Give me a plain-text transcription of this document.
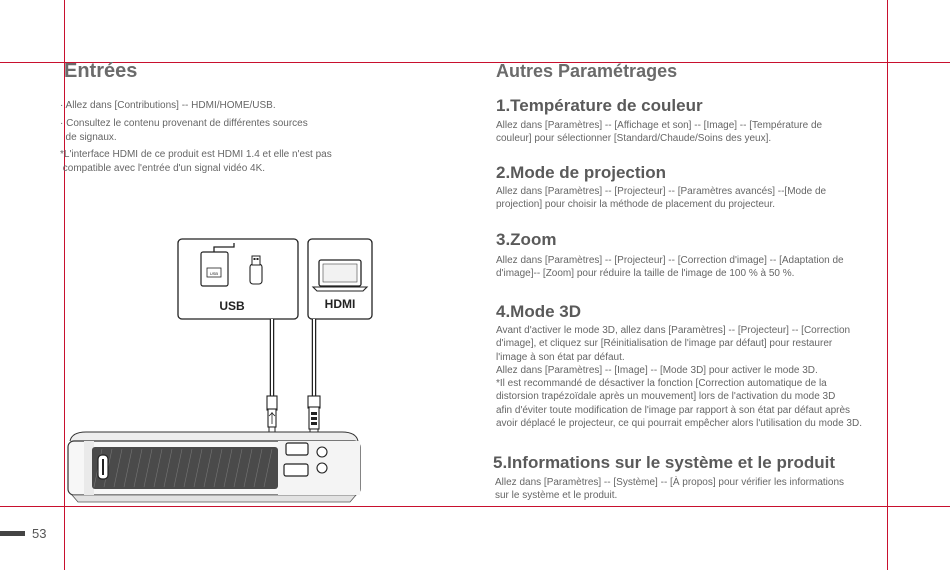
Entrées
· Allez dans [Contributions] -- HDMI/HOME/USB.
· Consultez le contenu provenant de différentes sources
de signaux.
*L'interface HDMI de ce produit est HDMI 1.4 et elle n'est pas
compatible avec l'entrée d'un signal vidéo 4K.
USB
USB	HDMI
Autres Paramétrages
1.Température de couleur
Allez dans [Paramètres] -- [Affichage et son] -- [Image] -- [Température de
couleur] pour sélectionner [Standard/Chaude/Soins des yeux].
2.Mode de projection
Allez dans [Paramètres] -- [Projecteur] -- [Paramètres avancés] --[Mode de
projection] pour choisir la méthode de placement du projecteur.
3.Zoom
Allez dans [Paramètres] -- [Projecteur] -- [Correction d'image] -- [Adaptation de
d'image]-- [Zoom] pour réduire la taille de l'image de 100 % à 50 %.
4.Mode 3D
Avant d'activer le mode 3D, allez dans [Paramètres] -- [Projecteur] -- [Correction
d'image], et cliquez sur [Réinitialisation de l'image par défaut] pour restaurer
l'image à son état par défaut.
Allez dans [Paramètres] -- [Image] -- [Mode 3D] pour activer le mode 3D.
*Il est recommandé de désactiver la fonction [Correction automatique de la
distorsion trapézoïdale après un mouvement] lors de l'activation du mode 3D
afin d'éviter toute modification de l'image par rapport à son état par défaut après
avoir déplacé le projecteur, ce qui pourrait empêcher alors l'utilisation du mode 3D.
5.Informations sur le système et le produit
Allez dans [Paramètres] -- [Système] -- [À propos] pour vérifier les informations
sur le système et le produit.
53
